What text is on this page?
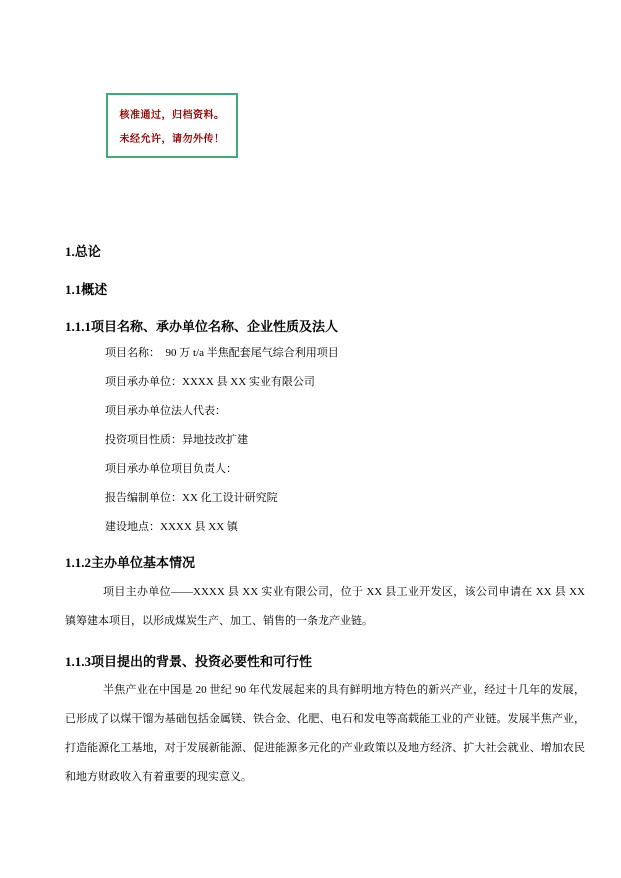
核准通过，归档资料。
未经允许，请勿外传！
1.总论
1.1概述
1.1.1项目名称、承办单位名称、企业性质及法人
项目名称：  90 万 t/a 半焦配套尾气综合利用项目
项目承办单位：XXXX 县 XX 实业有限公司
项目承办单位法人代表：
投资项目性质：异地技改扩建
项目承办单位项目负责人：
报告编制单位：XX 化工设计研究院
建设地点：XXXX 县 XX 镇
1.1.2主办单位基本情况
项目主办单位——XXXX 县 XX 实业有限公司，位于 XX 县工业开发区，该公司申请在 XX 县 XX 镇筹建本项目，以形成煤炭生产、加工、销售的一条龙产业链。
1.1.3项目提出的背景、投资必要性和可行性
半焦产业在中国是 20 世纪 90 年代发展起来的具有鲜明地方特色的新兴产业，经过十几年的发展，已形成了以煤干馏为基础包括金属镁、铁合金、化肥、电石和发电等高载能工业的产业链。发展半焦产业，打造能源化工基地，对于发展新能源、促进能源多元化的产业政策以及地方经济、扩大社会就业、增加农民和地方财政收入有着重要的现实意义。
